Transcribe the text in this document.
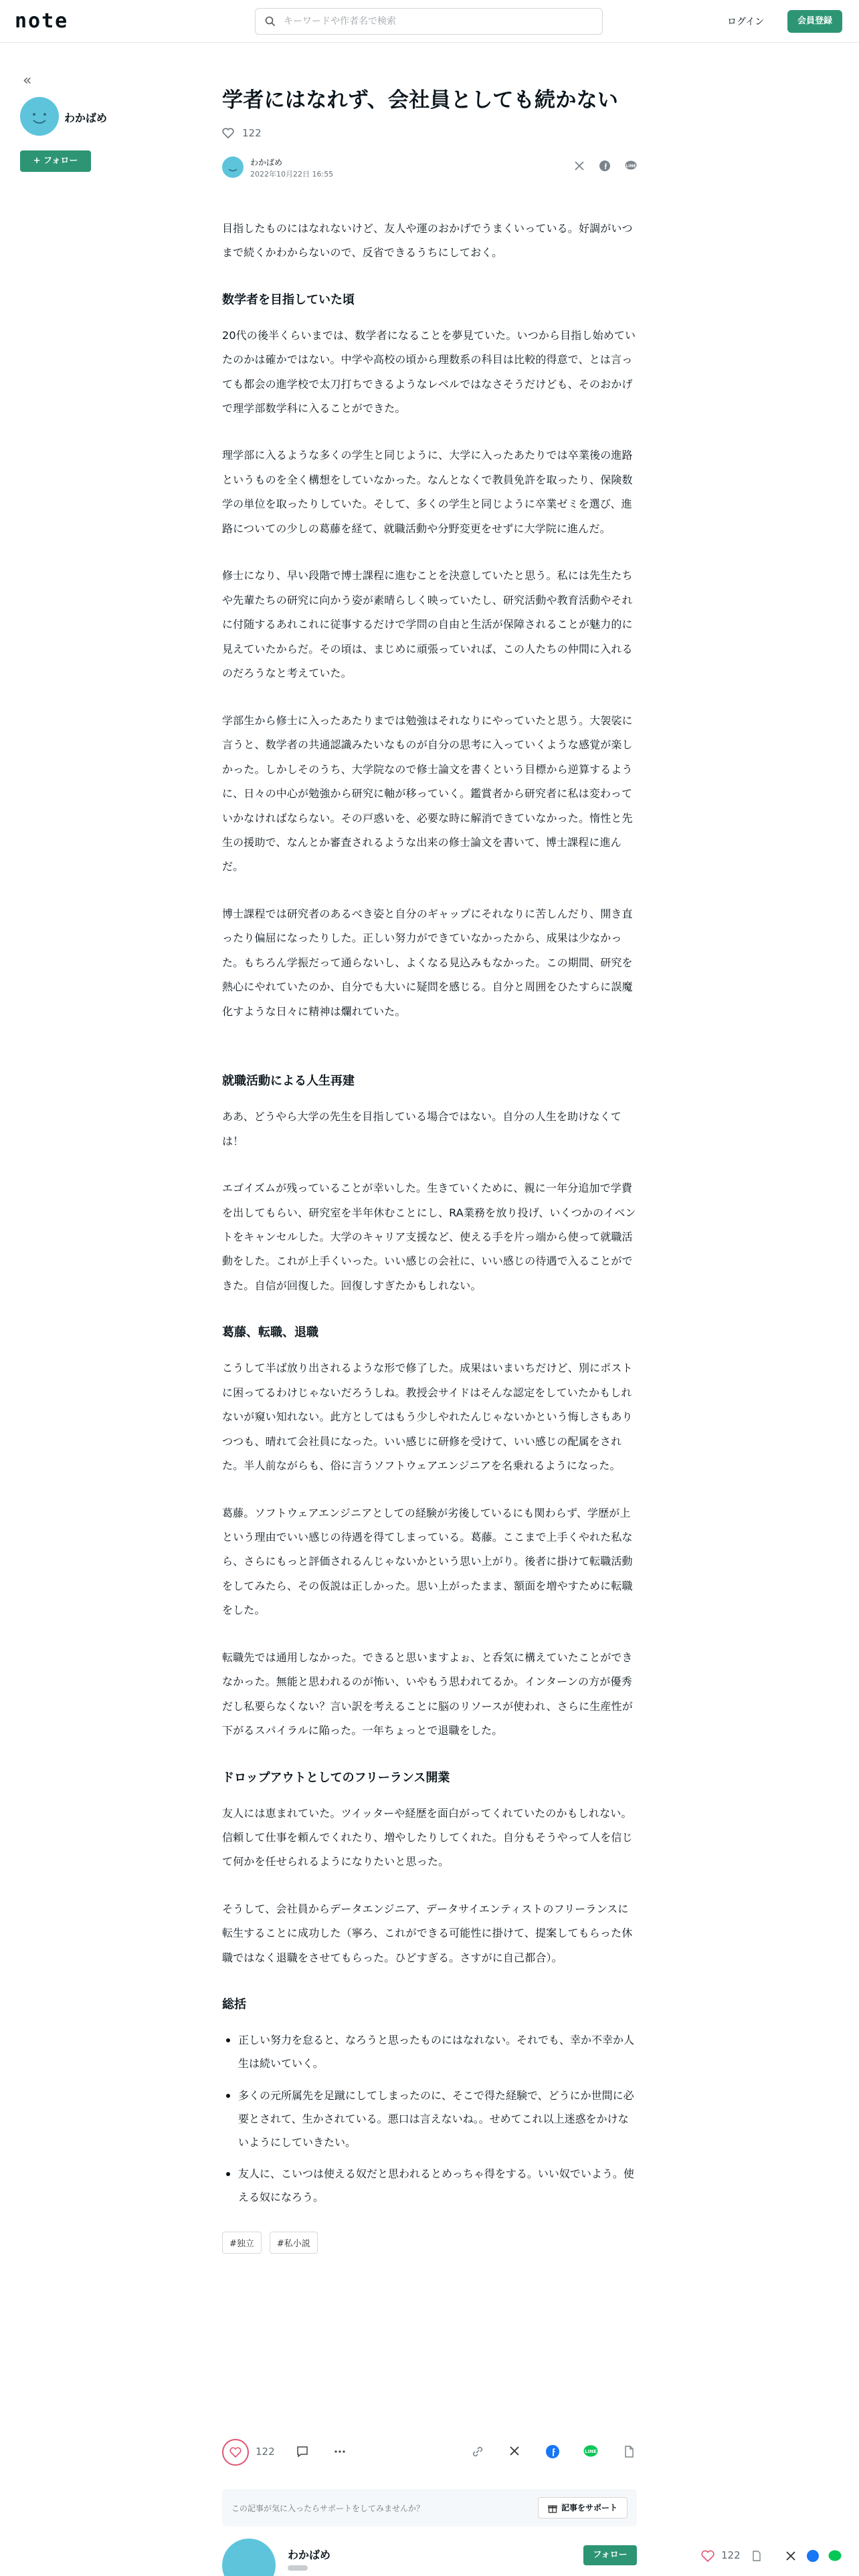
note
キーワードや作者名で検索	ログイン	会員登録
«
わかばめ
+ フォロー
学者にはなれず、会社員としても続かない
122
わかばめ
2022年10月22日 16:55
LINE

目指したものにはなれないけど、友人や運のおかげでうまくいっている。好調がいつまで続くかわからないので、反省できるうちにしておく。

数学者を目指していた頃

20代の後半くらいまでは、数学者になることを夢見ていた。いつから目指し始めていたのかは確かではない。中学や高校の頃から理数系の科目は比較的得意で、とは言っても都会の進学校で太刀打ちできるようなレベルではなさそうだけども、そのおかげで理学部数学科に入ることができた。

理学部に入るような多くの学生と同じように、大学に入ったあたりでは卒業後の進路というものを全く構想をしていなかった。なんとなくで教員免許を取ったり、保険数学の単位を取ったりしていた。そして、多くの学生と同じように卒業ゼミを選び、進路についての少しの葛藤を経て、就職活動や分野変更をせずに大学院に進んだ。

修士になり、早い段階で博士課程に進むことを決意していたと思う。私には先生たちや先輩たちの研究に向かう姿が素晴らしく映っていたし、研究活動や教育活動やそれに付随するあれこれに従事するだけで学問の自由と生活が保障されることが魅力的に見えていたからだ。その頃は、まじめに頑張っていれば、この人たちの仲間に入れるのだろうなと考えていた。

学部生から修士に入ったあたりまでは勉強はそれなりにやっていたと思う。大袈裟に言うと、数学者の共通認識みたいなものが自分の思考に入っていくような感覚が楽しかった。しかしそのうち、大学院なので修士論文を書くという目標から逆算するように、日々の中心が勉強から研究に軸が移っていく。鑑賞者から研究者に私は変わっていかなければならない。その戸惑いを、必要な時に解消できていなかった。惰性と先生の援助で、なんとか審査されるような出来の修士論文を書いて、博士課程に進んだ。

博士課程では研究者のあるべき姿と自分のギャップにそれなりに苦しんだり、開き直ったり偏屈になったりした。正しい努力ができていなかったから、成果は少なかった。もちろん学振だって通らないし、よくなる見込みもなかった。この期間、研究を熱心にやれていたのか、自分でも大いに疑問を感じる。自分と周囲をひたすらに誤魔化すような日々に精神は爛れていた。

就職活動による人生再建

ああ、どうやら大学の先生を目指している場合ではない。自分の人生を助けなくては！

エゴイズムが残っていることが幸いした。生きていくために、親に一年分追加で学費を出してもらい、研究室を半年休むことにし、RA業務を放り投げ、いくつかのイベントをキャンセルした。大学のキャリア支援など、使える手を片っ端から使って就職活動をした。これが上手くいった。いい感じの会社に、いい感じの待遇で入ることができた。自信が回復した。回復しすぎたかもしれない。

葛藤、転職、退職

こうして半ば放り出されるような形で修了した。成果はいまいちだけど、別にポストに困ってるわけじゃないだろうしね。教授会サイドはそんな認定をしていたかもしれないが窺い知れない。此方としてはもう少しやれたんじゃないかという悔しさもありつつも、晴れて会社員になった。いい感じに研修を受けて、いい感じの配属をされた。半人前ながらも、俗に言うソフトウェアエンジニアを名乗れるようになった。

葛藤。ソフトウェアエンジニアとしての経験が劣後しているにも関わらず、学歴が上という理由でいい感じの待遇を得てしまっている。葛藤。ここまで上手くやれた私なら、さらにもっと評価されるんじゃないかという思い上がり。後者に掛けて転職活動をしてみたら、その仮説は正しかった。思い上がったまま、額面を増やすために転職をした。

転職先では通用しなかった。できると思いますよぉ、と呑気に構えていたことができなかった。無能と思われるのが怖い、いやもう思われてるか。インターンの方が優秀だし私要らなくない？言い訳を考えることに脳のリソースが使われ、さらに生産性が下がるスパイラルに陥った。一年ちょっとで退職をした。

ドロップアウトとしてのフリーランス開業

友人には恵まれていた。ツイッターや経歴を面白がってくれていたのかもしれない。信頼して仕事を頼んでくれたり、増やしたりしてくれた。自分もそうやって人を信じて何かを任せられるようになりたいと思った。

そうして、会社員からデータエンジニア、データサイエンティストのフリーランスに転生することに成功した（寧ろ、これができる可能性に掛けて、提案してもらった休職ではなく退職をさせてもらった。ひどすぎる。さすがに自己都合）。

総括
正しい努力を怠ると、なろうと思ったものにはなれない。それでも、幸か不幸か人生は続いていく。
多くの元所属先を足蹴にしてしまったのに、そこで得た経験で、どうにか世間に必要とされて、生かされている。悪口は言えないね。。せめてこれ以上迷惑をかけないようにしていきたい。
友人に、こいつは使える奴だと思われるとめっちゃ得をする。いい奴でいよう。使える奴になろう。
#独立	#私小説
122	LINE
この記事が気に入ったらサポートをしてみませんか？	記事をサポート
わかばめ	フォロー	122
